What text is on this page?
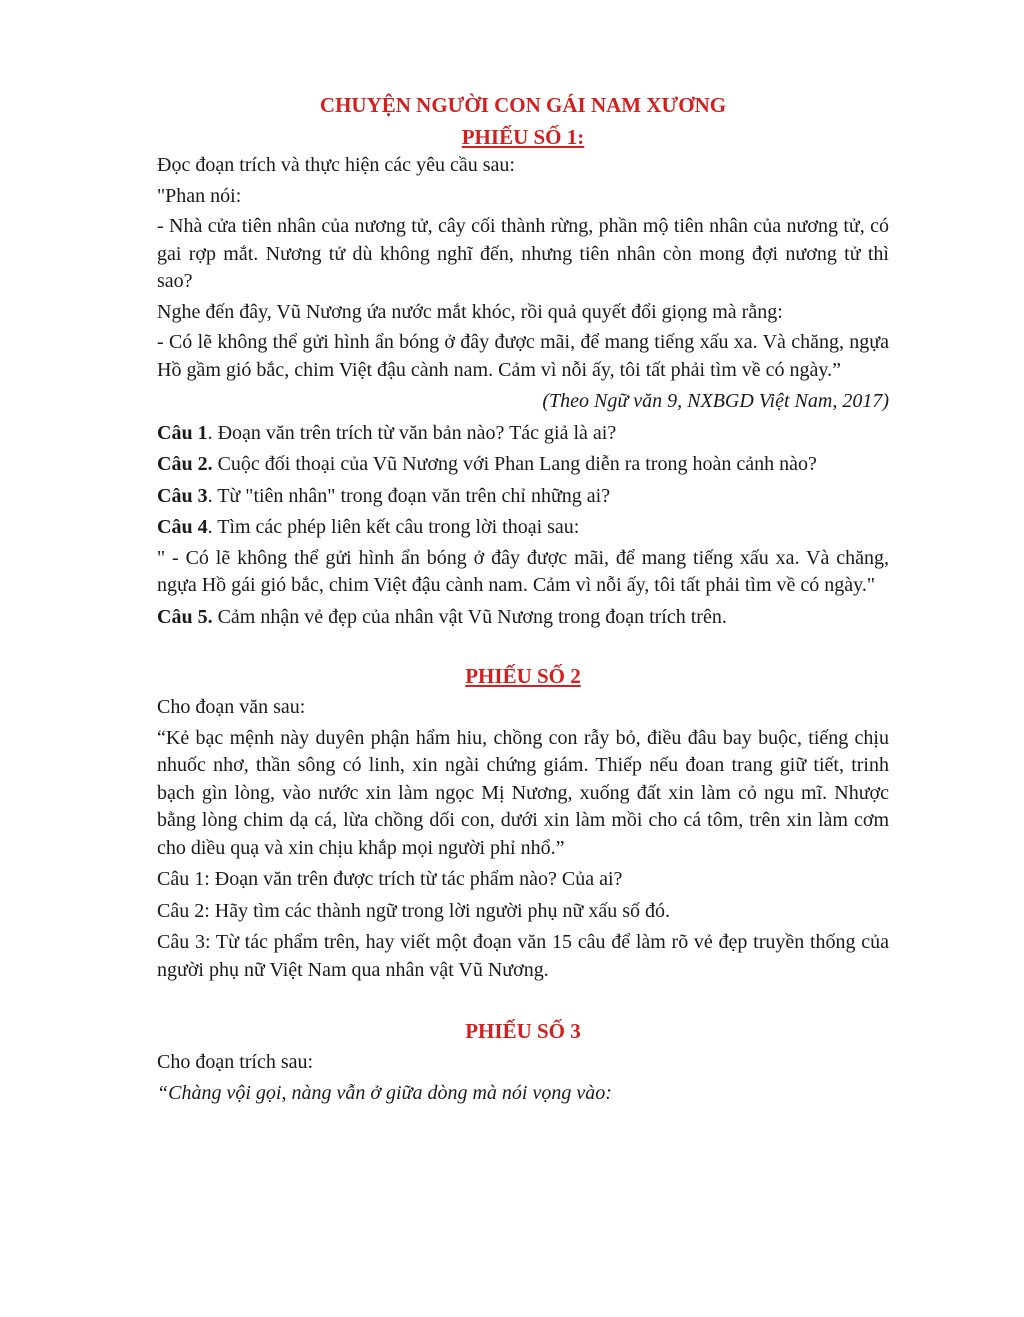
CHUYỆN NGƯỜI CON GÁI NAM XƯƠNG
PHIẾU SỐ 1:

Đọc đoạn trích và thực hiện các yêu cầu sau:

"Phan nói:

- Nhà cửa tiên nhân của nương tử, cây cối thành rừng, phần mộ tiên nhân của nương tử, có gai rợp mắt. Nương tử dù không nghĩ đến, nhưng tiên nhân còn mong đợi nương tử thì sao?

Nghe đến đây, Vũ Nương ứa nước mắt khóc, rồi quả quyết đổi giọng mà rằng:

- Có lẽ không thể gửi hình ẩn bóng ở đây được mãi, để mang tiếng xấu xa. Và chăng, ngựa Hồ gầm gió bắc, chim Việt đậu cành nam. Cảm vì nỗi ấy, tôi tất phải tìm về có ngày.”

(Theo Ngữ văn 9, NXBGD Việt Nam, 2017)

Câu 1. Đoạn văn trên trích từ văn bản nào? Tác giả là ai?

Câu 2. Cuộc đối thoại của Vũ Nương với Phan Lang diễn ra trong hoàn cảnh nào?

Câu 3. Từ "tiên nhân" trong đoạn văn trên chỉ những ai?

Câu 4. Tìm các phép liên kết câu trong lời thoại sau:

" - Có lẽ không thể gửi hình ẩn bóng ở đây được mãi, để mang tiếng xấu xa. Và chăng, ngựa Hồ gái gió bắc, chim Việt đậu cành nam. Cảm vì nỗi ấy, tôi tất phải tìm về có ngày."

Câu 5. Cảm nhận vẻ đẹp của nhân vật Vũ Nương trong đoạn trích trên.

PHIẾU SỐ 2

Cho đoạn văn sau:

“Kẻ bạc mệnh này duyên phận hẩm hiu, chồng con rẫy bỏ, điều đâu bay buộc, tiếng chịu nhuốc nhơ, thần sông có linh, xin ngài chứng giám. Thiếp nếu đoan trang giữ tiết, trinh bạch gìn lòng, vào nước xin làm ngọc Mị Nương, xuống đất xin làm cỏ ngu mĩ. Nhược bằng lòng chim dạ cá, lừa chồng dối con, dưới xin làm mồi cho cá tôm, trên xin làm cơm cho diều quạ và xin chịu khắp mọi người phỉ nhổ.”

Câu 1: Đoạn văn trên được trích từ tác phẩm nào? Của ai?

Câu 2: Hãy tìm các thành ngữ trong lời người phụ nữ xấu số đó.

Câu 3: Từ tác phẩm trên, hay viết một đoạn văn 15 câu để làm rõ vẻ đẹp truyền thống của người phụ nữ Việt Nam qua nhân vật Vũ Nương.

PHIẾU SỐ 3

Cho đoạn trích sau:

“Chàng vội gọi, nàng vẫn ở giữa dòng mà nói vọng vào:
